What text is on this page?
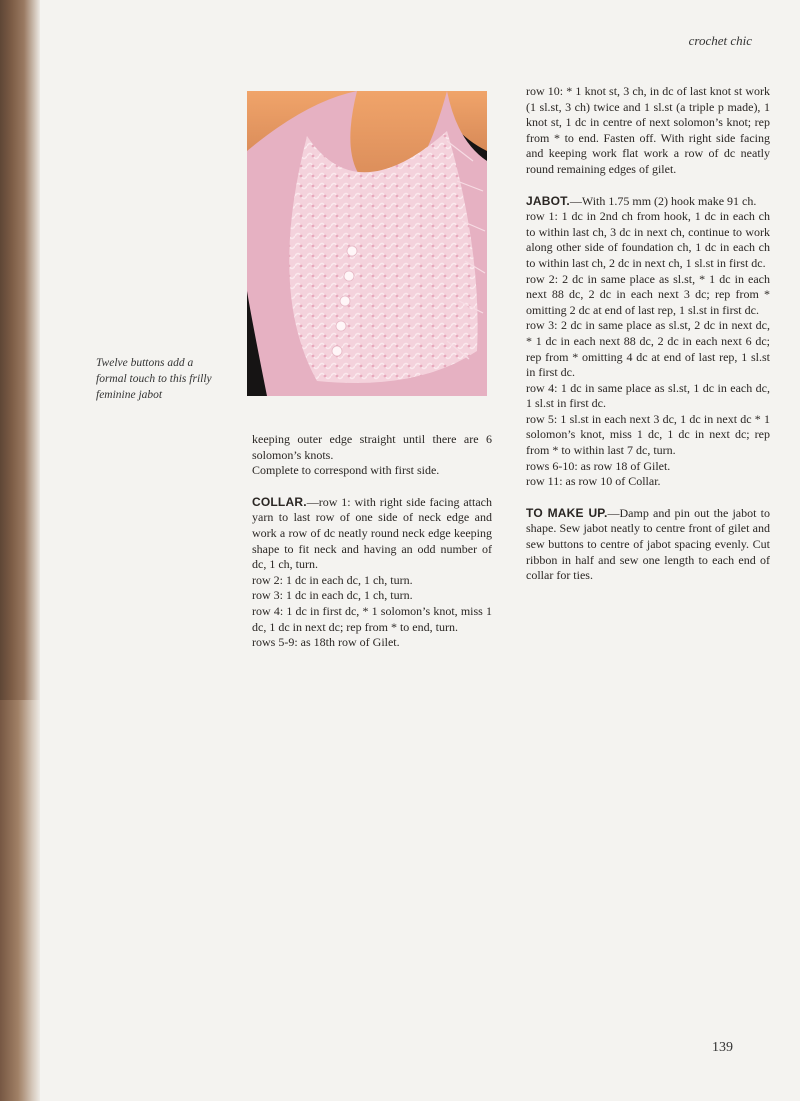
crochet chic
Twelve buttons add a formal touch to this frilly feminine jabot

keeping outer edge straight until there are 6 solomon’s knots.

Complete to correspond with first side.

COLLAR.—row 1: with right side facing attach yarn to last row of one side of neck edge and work a row of dc neatly round neck edge keeping shape to fit neck and having an odd number of dc, 1 ch, turn.

row 2: 1 dc in each dc, 1 ch, turn.

row 3: 1 dc in each dc, 1 ch, turn.

row 4: 1 dc in first dc, * 1 solomon’s knot, miss 1 dc, 1 dc in next dc; rep from * to end, turn.

rows 5-9: as 18th row of Gilet.

row 10: * 1 knot st, 3 ch, in dc of last knot st work (1 sl.st, 3 ch) twice and 1 sl.st (a triple p made), 1 knot st, 1 dc in centre of next solomon’s knot; rep from * to end. Fasten off. With right side facing and keeping work flat work a row of dc neatly round remaining edges of gilet.

JABOT.—With 1.75 mm (2) hook make 91 ch.

row 1: 1 dc in 2nd ch from hook, 1 dc in each ch to within last ch, 3 dc in next ch, continue to work along other side of foundation ch, 1 dc in each ch to within last ch, 2 dc in next ch, 1 sl.st in first dc.

row 2: 2 dc in same place as sl.st, * 1 dc in each next 88 dc, 2 dc in each next 3 dc; rep from * omitting 2 dc at end of last rep, 1 sl.st in first dc.

row 3: 2 dc in same place as sl.st, 2 dc in next dc, * 1 dc in each next 88 dc, 2 dc in each next 6 dc; rep from * omitting 4 dc at end of last rep, 1 sl.st in first dc.

row 4: 1 dc in same place as sl.st, 1 dc in each dc, 1 sl.st in first dc.

row 5: 1 sl.st in each next 3 dc, 1 dc in next dc * 1 solomon’s knot, miss 1 dc, 1 dc in next dc; rep from * to within last 7 dc, turn.

rows 6-10: as row 18 of Gilet.

row 11: as row 10 of Collar.

TO MAKE UP.—Damp and pin out the jabot to shape. Sew jabot neatly to centre front of gilet and sew buttons to centre of jabot spacing evenly. Cut ribbon in half and sew one length to each end of collar for ties.

139
